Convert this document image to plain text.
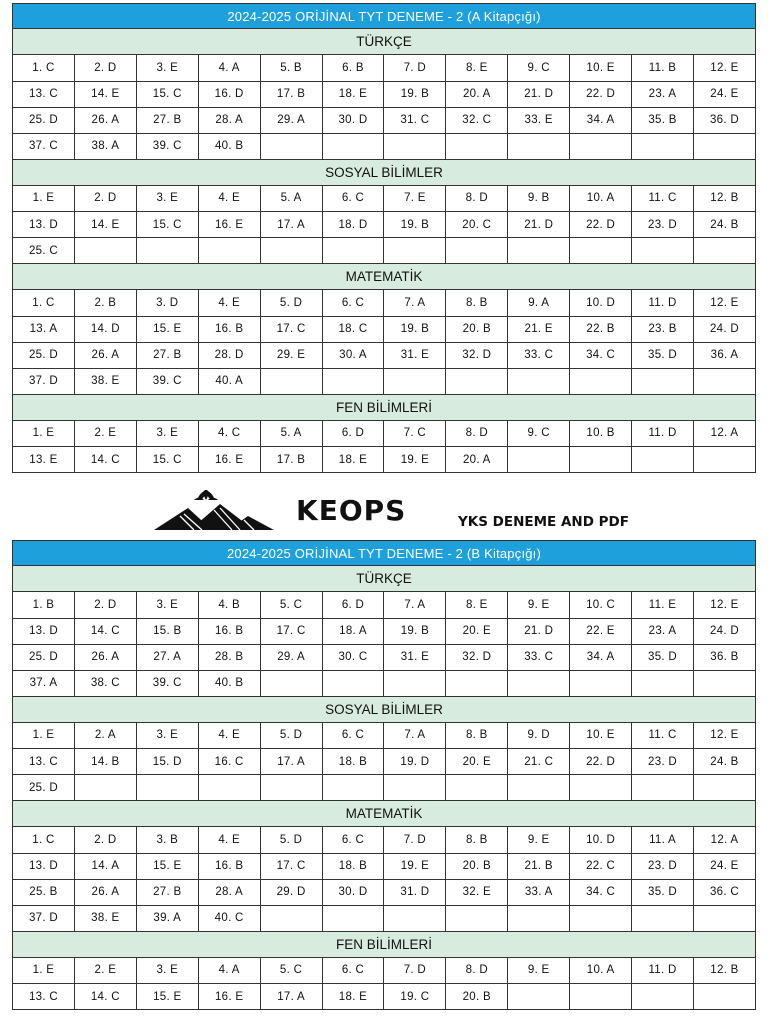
2024-2025 ORİJİNAL TYT DENEME - 2 (A Kitapçığı)
TÜRKÇE
1. C	2. D	3. E	4. A	5. B	6. B	7. D	8. E	9. C	10. E	11. B	12. E
13. C	14. E	15. C	16. D	17. B	18. E	19. B	20. A	21. D	22. D	23. A	24. E
25. D	26. A	27. B	28. A	29. A	30. D	31. C	32. C	33. E	34. A	35. B	36. D
37. C	38. A	39. C	40. B								
SOSYAL BİLİMLER
1. E	2. D	3. E	4. E	5. A	6. C	7. E	8. D	9. B	10. A	11. C	12. B
13. D	14. E	15. C	16. E	17. A	18. D	19. B	20. C	21. D	22. D	23. D	24. B
25. C											
MATEMATİK
1. C	2. B	3. D	4. E	5. D	6. C	7. A	8. B	9. A	10. D	11. D	12. E
13. A	14. D	15. E	16. B	17. C	18. C	19. B	20. B	21. E	22. B	23. B	24. D
25. D	26. A	27. B	28. D	29. E	30. A	31. E	32. D	33. C	34. C	35. D	36. A
37. D	38. E	39. C	40. A								
FEN BİLİMLERİ
1. E	2. E	3. E	4. C	5. A	6. D	7. C	8. D	9. C	10. B	11. D	12. A
13. E	14. C	15. C	16. E	17. B	18. E	19. E	20. A				
KEOPS	YKS DENEME AND PDF
2024-2025 ORİJİNAL TYT DENEME - 2 (B Kitapçığı)
TÜRKÇE
1. B	2. D	3. E	4. B	5. C	6. D	7. A	8. E	9. E	10. C	11. E	12. E
13. D	14. C	15. B	16. B	17. C	18. A	19. B	20. E	21. D	22. E	23. A	24. D
25. D	26. A	27. A	28. B	29. A	30. C	31. E	32. D	33. C	34. A	35. D	36. B
37. A	38. C	39. C	40. B								
SOSYAL BİLİMLER
1. E	2. A	3. E	4. E	5. D	6. C	7. A	8. B	9. D	10. E	11. C	12. E
13. C	14. B	15. D	16. C	17. A	18. B	19. D	20. E	21. C	22. D	23. D	24. B
25. D											
MATEMATİK
1. C	2. D	3. B	4. E	5. D	6. C	7. D	8. B	9. E	10. D	11. A	12. A
13. D	14. A	15. E	16. B	17. C	18. B	19. E	20. B	21. B	22. C	23. D	24. E
25. B	26. A	27. B	28. A	29. D	30. D	31. D	32. E	33. A	34. C	35. D	36. C
37. D	38. E	39. A	40. C								
FEN BİLİMLERİ
1. E	2. E	3. E	4. A	5. C	6. C	7. D	8. D	9. E	10. A	11. D	12. B
13. C	14. C	15. E	16. E	17. A	18. E	19. C	20. B				
